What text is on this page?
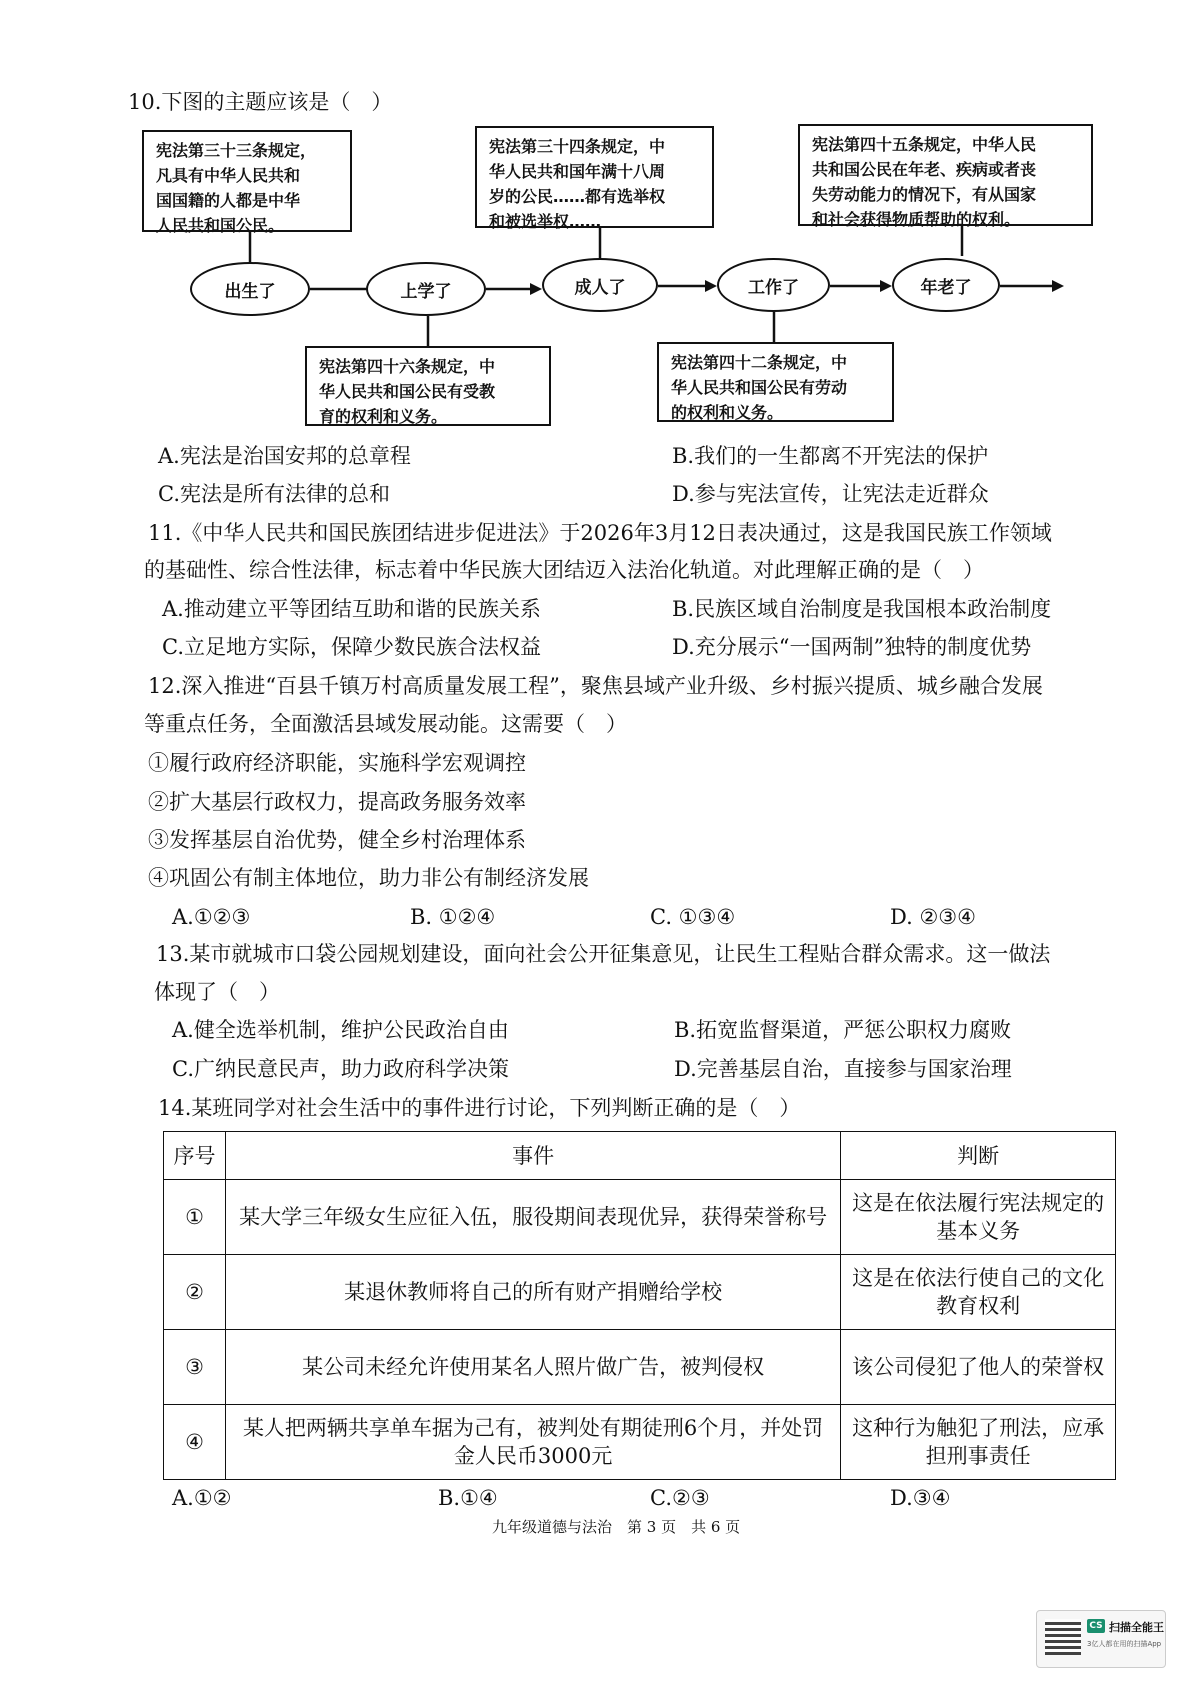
10.下图的主题应该是（　）
宪法第三十三条规定，
凡具有中华人民共和
国国籍的人都是中华
人民共和国公民。
宪法第三十四条规定，中
华人民共和国年满十八周
岁的公民……都有选举权
和被选举权……
宪法第四十五条规定，中华人民
共和国公民在年老、疾病或者丧
失劳动能力的情况下，有从国家
和社会获得物质帮助的权利。
宪法第四十六条规定，中
华人民共和国公民有受教
育的权利和义务。
宪法第四十二条规定，中
华人民共和国公民有劳动
的权利和义务。
出生了	上学了	成人了	工作了	年老了
A.宪法是治国安邦的总章程	B.我们的一生都离不开宪法的保护
C.宪法是所有法律的总和	D.参与宪法宣传，让宪法走近群众
11.《中华人民共和国民族团结进步促进法》于2026年3月12日表决通过，这是我国民族工作领域
的基础性、综合性法律，标志着中华民族大团结迈入法治化轨道。对此理解正确的是（　）
A.推动建立平等团结互助和谐的民族关系	B.民族区域自治制度是我国根本政治制度
C.立足地方实际，保障少数民族合法权益	D.充分展示“一国两制”独特的制度优势
12.深入推进“百县千镇万村高质量发展工程”，聚焦县域产业升级、乡村振兴提质、城乡融合发展
等重点任务，全面激活县域发展动能。这需要（　）
①履行政府经济职能，实施科学宏观调控
②扩大基层行政权力，提高政务服务效率
③发挥基层自治优势，健全乡村治理体系
④巩固公有制主体地位，助力非公有制经济发展
A.①②③	B. ①②④	C. ①③④	D. ②③④
13.某市就城市口袋公园规划建设，面向社会公开征集意见，让民生工程贴合群众需求。这一做法
体现了（　）
A.健全选举机制，维护公民政治自由	B.拓宽监督渠道，严惩公职权力腐败
C.广纳民意民声，助力政府科学决策	D.完善基层自治，直接参与国家治理
14.某班同学对社会生活中的事件进行讨论，下列判断正确的是（　）
序号	事件	判断
①	某大学三年级女生应征入伍，服役期间表现优异，获得荣誉称号	这是在依法履行宪法规定的基本义务
②	某退休教师将自己的所有财产捐赠给学校	这是在依法行使自己的文化教育权利
③	某公司未经允许使用某名人照片做广告，被判侵权	该公司侵犯了他人的荣誉权
④	某人把两辆共享单车据为己有，被判处有期徒刑6个月，并处罚金人民币3000元	这种行为触犯了刑法，应承担刑事责任
A.①②	B.①④	C.②③	D.③④
九年级道德与法治　第 3 页　共 6 页
CS 扫描全能王
3亿人都在用的扫描App
